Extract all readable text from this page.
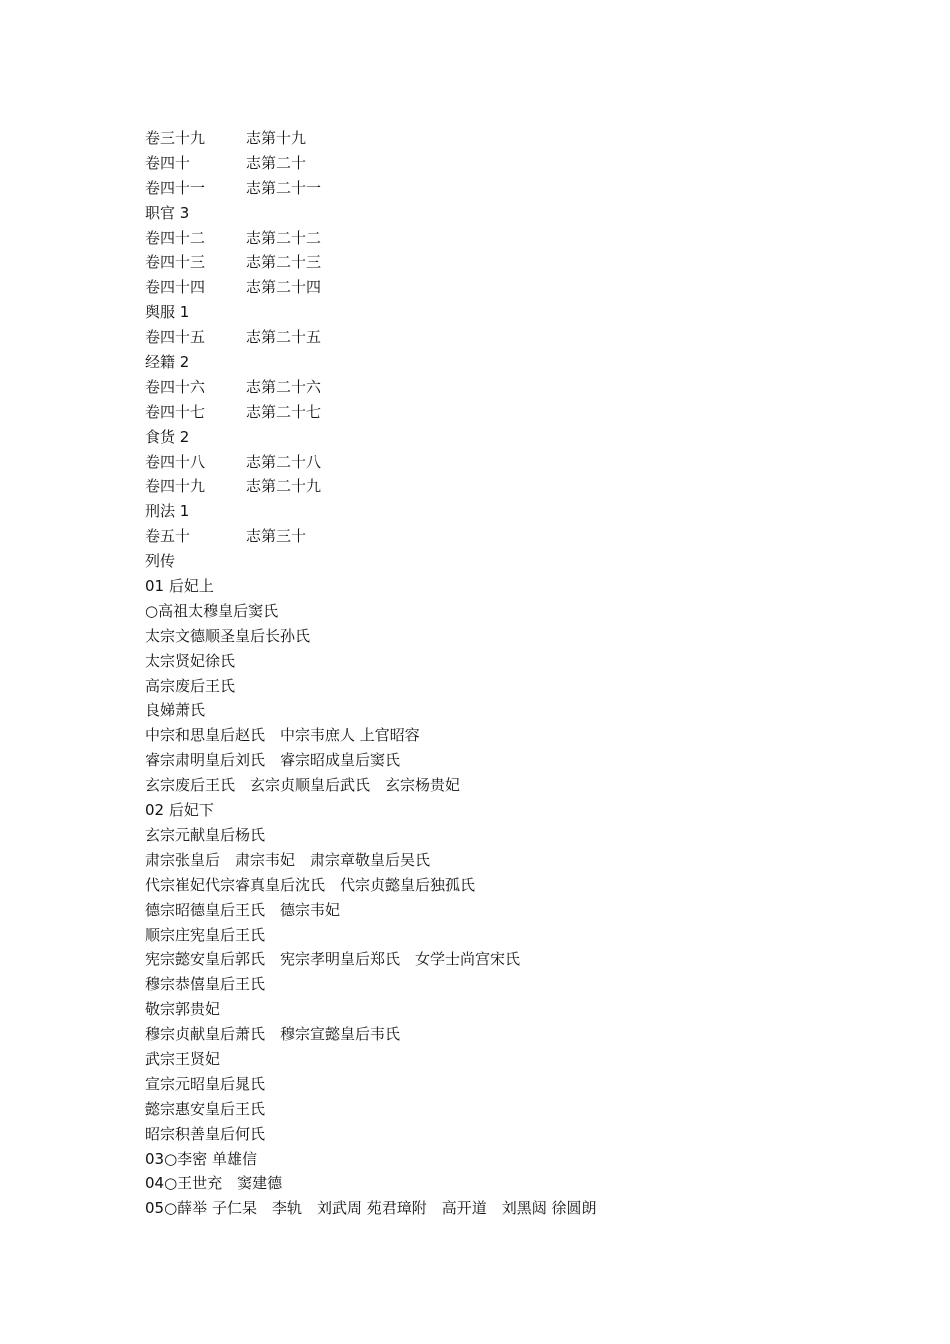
卷三十九	志第十九
卷四十	志第二十
卷四十一	志第二十一
职官 3
卷四十二	志第二十二
卷四十三	志第二十三
卷四十四	志第二十四
舆服 1
卷四十五	志第二十五
经籍 2
卷四十六	志第二十六
卷四十七	志第二十七
食货 2
卷四十八	志第二十八
卷四十九	志第二十九
刑法 1
卷五十	志第三十
列传
01 后妃上
○高祖太穆皇后窦氏
太宗文德顺圣皇后长孙氏
太宗贤妃徐氏
高宗废后王氏
良娣萧氏
中宗和思皇后赵氏　中宗韦庶人 上官昭容
睿宗肃明皇后刘氏　睿宗昭成皇后窦氏
玄宗废后王氏　玄宗贞顺皇后武氏　玄宗杨贵妃
02 后妃下
玄宗元献皇后杨氏
肃宗张皇后　肃宗韦妃　肃宗章敬皇后吴氏
代宗崔妃代宗睿真皇后沈氏　代宗贞懿皇后独孤氏
德宗昭德皇后王氏　德宗韦妃
顺宗庄宪皇后王氏
宪宗懿安皇后郭氏　宪宗孝明皇后郑氏　女学士尚宫宋氏
穆宗恭僖皇后王氏
敬宗郭贵妃
穆宗贞献皇后萧氏　穆宗宣懿皇后韦氏
武宗王贤妃
宣宗元昭皇后晁氏
懿宗惠安皇后王氏
昭宗积善皇后何氏
03○李密 单雄信
04○王世充　窦建德
05○薛举 子仁杲　李轨　刘武周 苑君璋附　高开道　刘黑闼 徐圆朗
